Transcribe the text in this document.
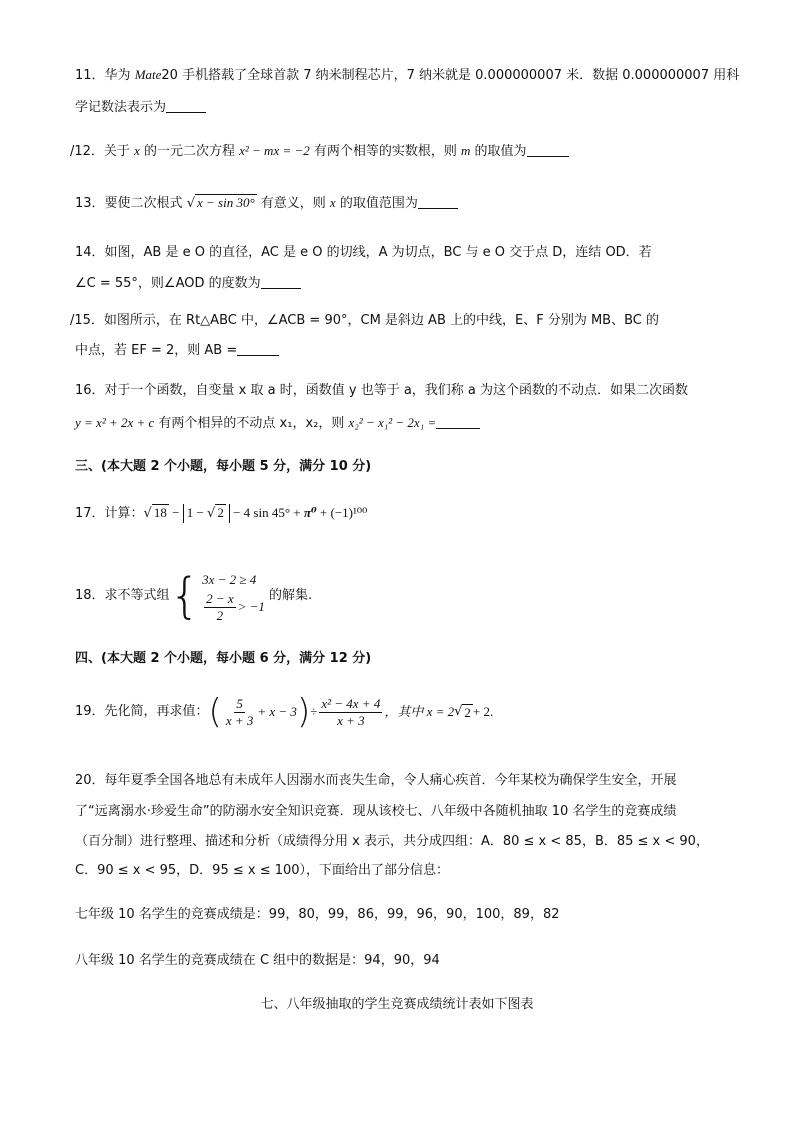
11．华为 Mate20 手机搭载了全球首款 7 纳米制程芯片，7 纳米就是 0.000000007 米．数据 0.000000007 用科
学记数法表示为
/12．关于 x 的一元二次方程 x² − mx = −2 有两个相等的实数根，则 m 的取值为
13．要使二次根式 √ x − sin 30° 有意义，则 x 的取值范围为
14．如图，AB 是 e O 的直径，AC 是 e O 的切线，A 为切点，BC 与 e O 交于点 D，连结 OD．若
∠C = 55°，则∠AOD 的度数为
/15．如图所示，在 Rt△ABC 中，∠ACB = 90°，CM 是斜边 AB 上的中线，E、F 分别为 MB、BC 的
中点，若 EF = 2，则 AB =
16．对于一个函数，自变量 x 取 a 时，函数值 y 也等于 a，我们称 a 为这个函数的不动点．如果二次函数
y = x² + 2x + c 有两个相异的不动点 x₁，x₂，则 x₂² − x₁² − 2x₁ =
三、(本大题 2 个小题，每小题 5 分，满分 10 分)
17．计算：√ 18 − 1 − √ 2 − 4 sin 45° + π⁰ + (−1)¹⁰⁰
18．求不等式组 { 3x − 2 ≥ 4
$\frac{2 - x}{2} > -1$
的解集.
四、(本大题 2 个小题，每小题 6 分，满分 12 分)
19．先化简，再求值： ( $\frac{5}{x + 3} + x - 3$ ) ÷ $\frac{\text{x² − 4x + 4}}{x + 3}$ ，其中 x = 2 √ 2 + 2.
20．每年夏季全国各地总有未成年人因溺水而丧失生命，令人痛心疾首．今年某校为确保学生安全，开展
了“远离溺水·珍爱生命”的防溺水安全知识竞赛．现从该校七、八年级中各随机抽取 10 名学生的竞赛成绩
（百分制）进行整理、描述和分析（成绩得分用 x 表示，共分成四组：A．80 ≤ x < 85，B．85 ≤ x < 90，
C．90 ≤ x < 95，D．95 ≤ x ≤ 100），下面给出了部分信息：
七年级 10 名学生的竞赛成绩是：99，80，99，86，99，96，90，100，89，82
八年级 10 名学生的竞赛成绩在 C 组中的数据是：94，90，94
七、八年级抽取的学生竞赛成绩统计表如下图表
